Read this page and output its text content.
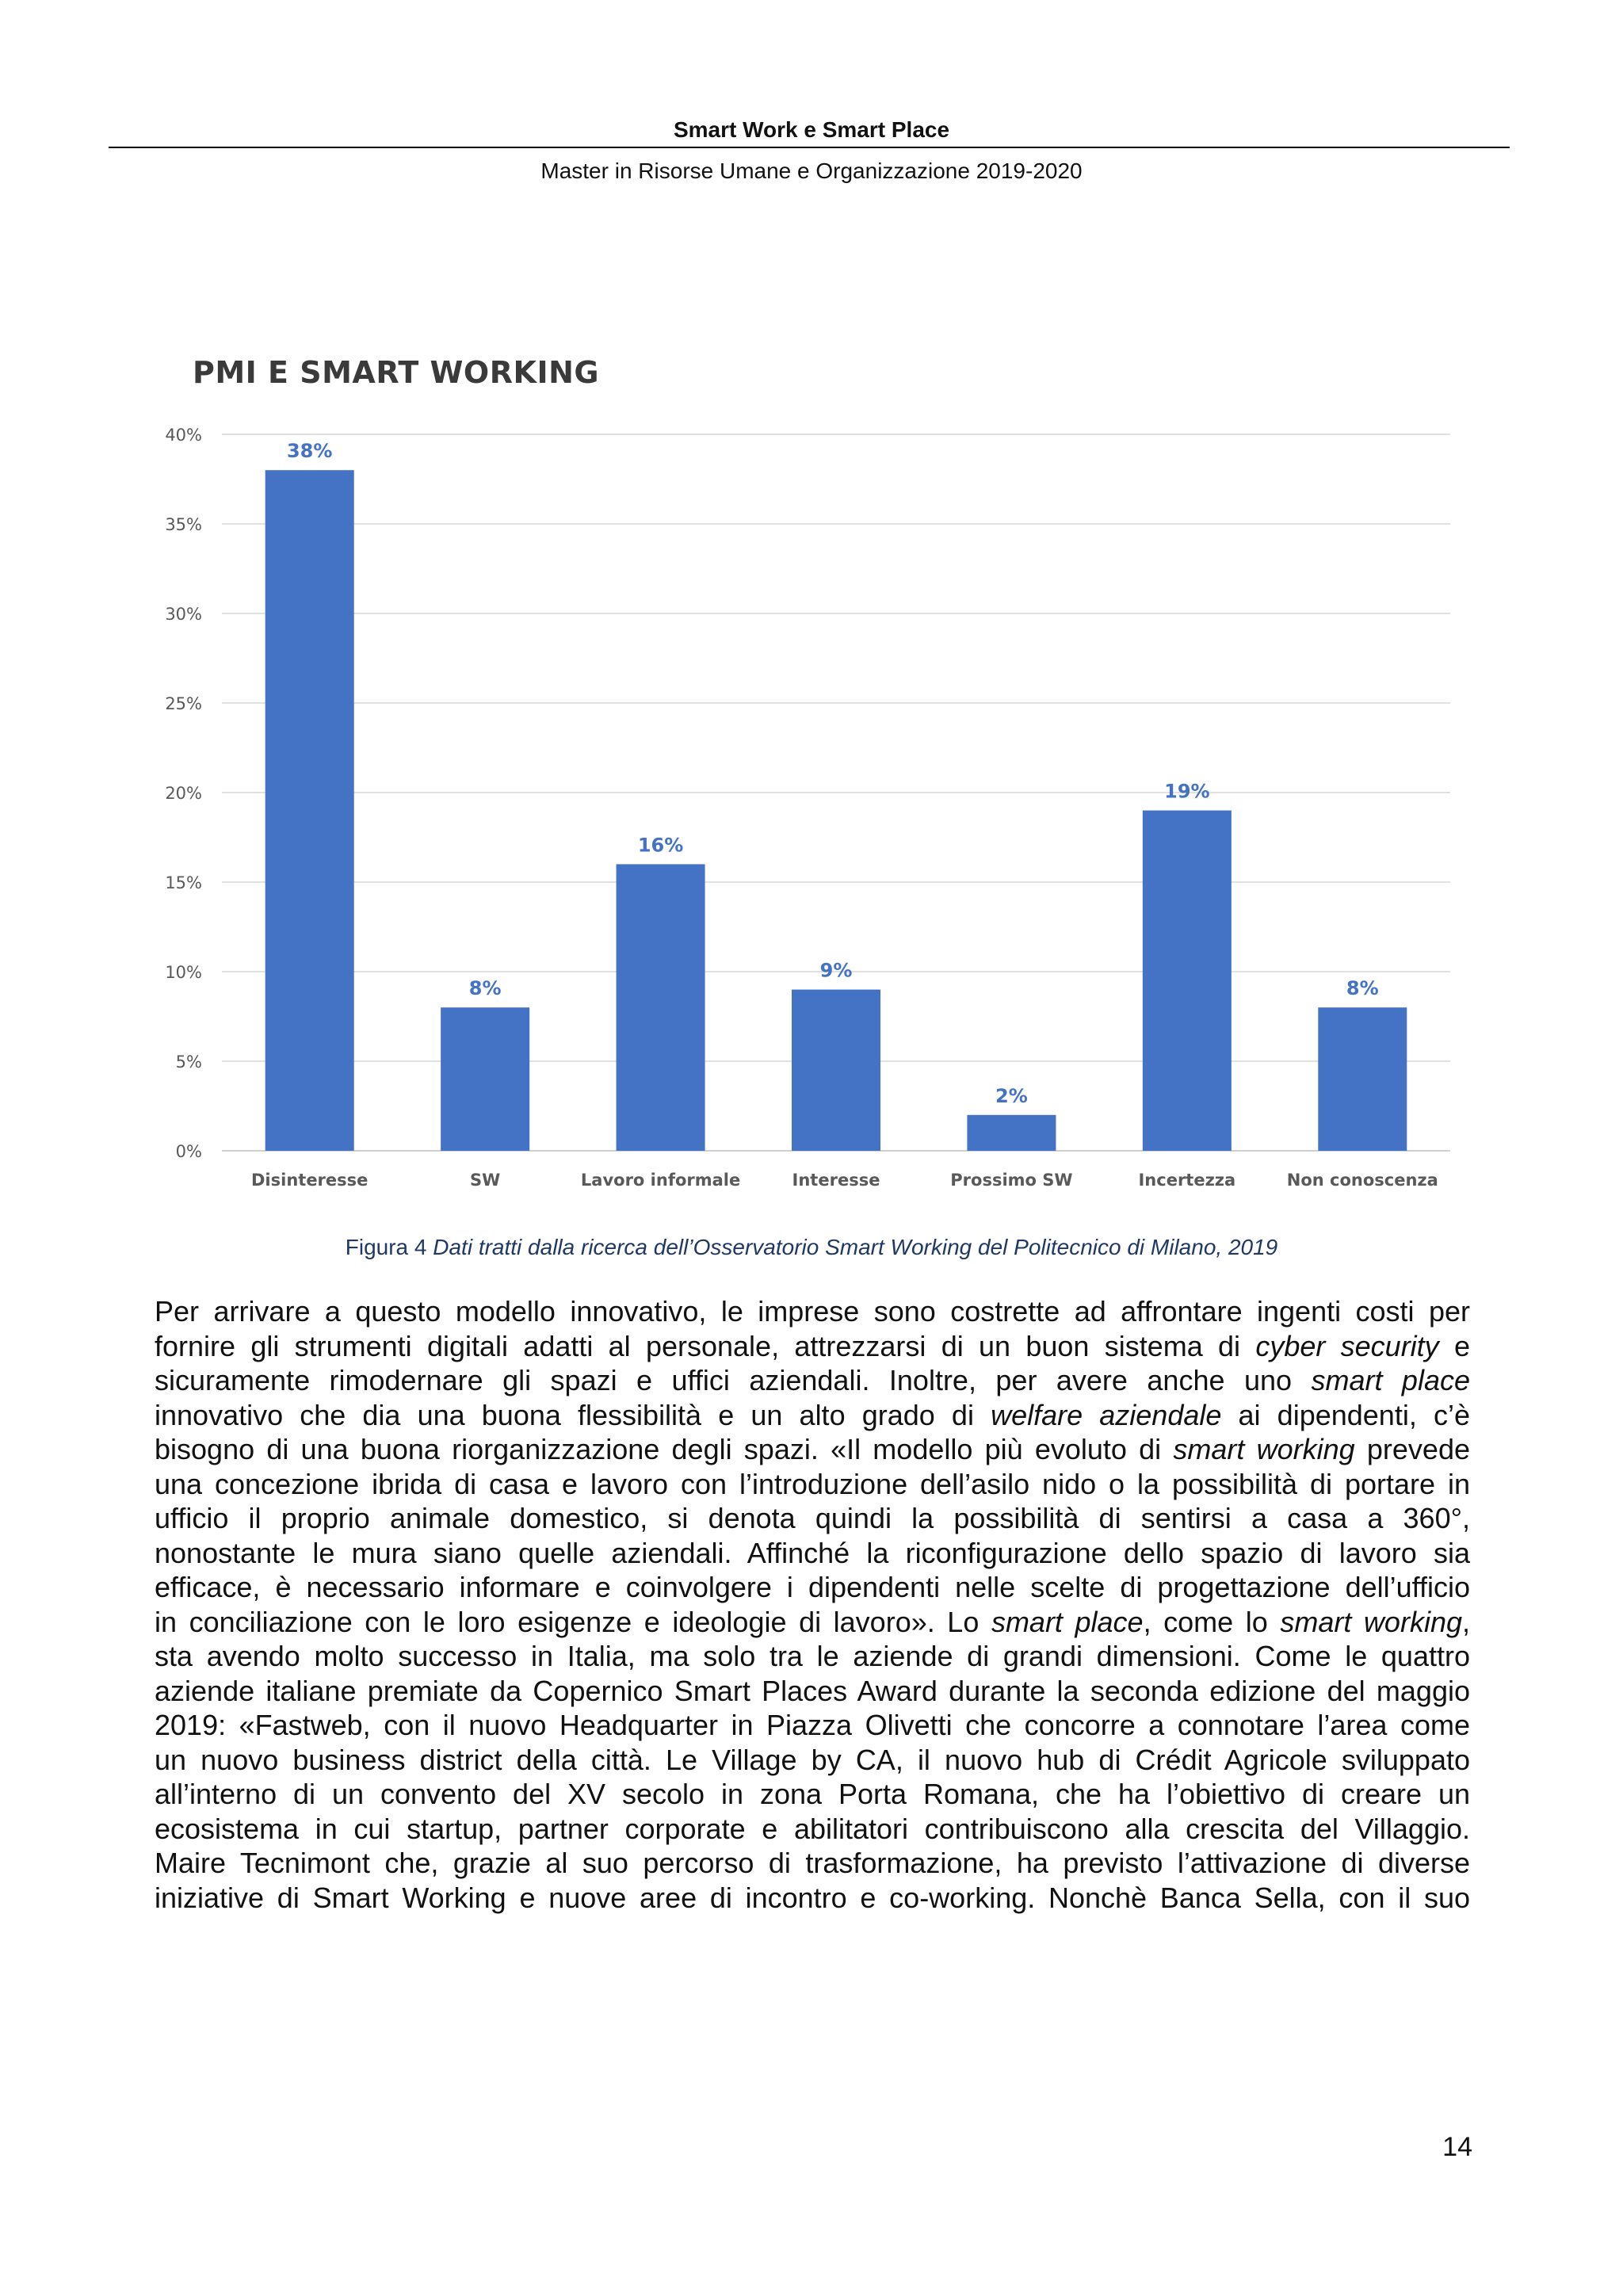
Smart Work e Smart Place
Master in Risorse Umane e Organizzazione 2019-2020
PMI E SMART WORKING
0%
5%
10%
15%
20%
25%
30%
35%
40%
38%
Disinteresse
8%
SW
16%
Lavoro informale
9%
Interesse
2%
Prossimo SW
19%
Incertezza
8%
Non conoscenza
Figura 4 Dati tratti dalla ricerca dell’Osservatorio Smart Working del Politecnico di Milano, 2019
Per arrivare a questo modello innovativo, le imprese sono costrette ad affrontare ingenti costi per
fornire gli strumenti digitali adatti al personale, attrezzarsi di un buon sistema di cyber security e
sicuramente rimodernare gli spazi e uffici aziendali. Inoltre, per avere anche uno smart place
innovativo che dia una buona flessibilità e un alto grado di welfare aziendale ai dipendenti, c’è
bisogno di una buona riorganizzazione degli spazi. «Il modello più evoluto di smart working prevede
una concezione ibrida di casa e lavoro con l’introduzione dell’asilo nido o la possibilità di portare in
ufficio il proprio animale domestico, si denota quindi la possibilità di sentirsi a casa a 360°,
nonostante le mura siano quelle aziendali. Affinché la riconfigurazione dello spazio di lavoro sia
efficace, è necessario informare e coinvolgere i dipendenti nelle scelte di progettazione dell’ufficio
in conciliazione con le loro esigenze e ideologie di lavoro». Lo smart place, come lo smart working,
sta avendo molto successo in Italia, ma solo tra le aziende di grandi dimensioni. Come le quattro
aziende italiane premiate da Copernico Smart Places Award durante la seconda edizione del maggio
2019: «Fastweb, con il nuovo Headquarter in Piazza Olivetti che concorre a connotare l’area come
un nuovo business district della città. Le Village by CA, il nuovo hub di Crédit Agricole sviluppato
all’interno di un convento del XV secolo in zona Porta Romana, che ha l’obiettivo di creare un
ecosistema in cui startup, partner corporate e abilitatori contribuiscono alla crescita del Villaggio.
Maire Tecnimont che, grazie al suo percorso di trasformazione, ha previsto l’attivazione di diverse
iniziative di Smart Working e nuove aree di incontro e co-working. Nonchè Banca Sella, con il suo
14
